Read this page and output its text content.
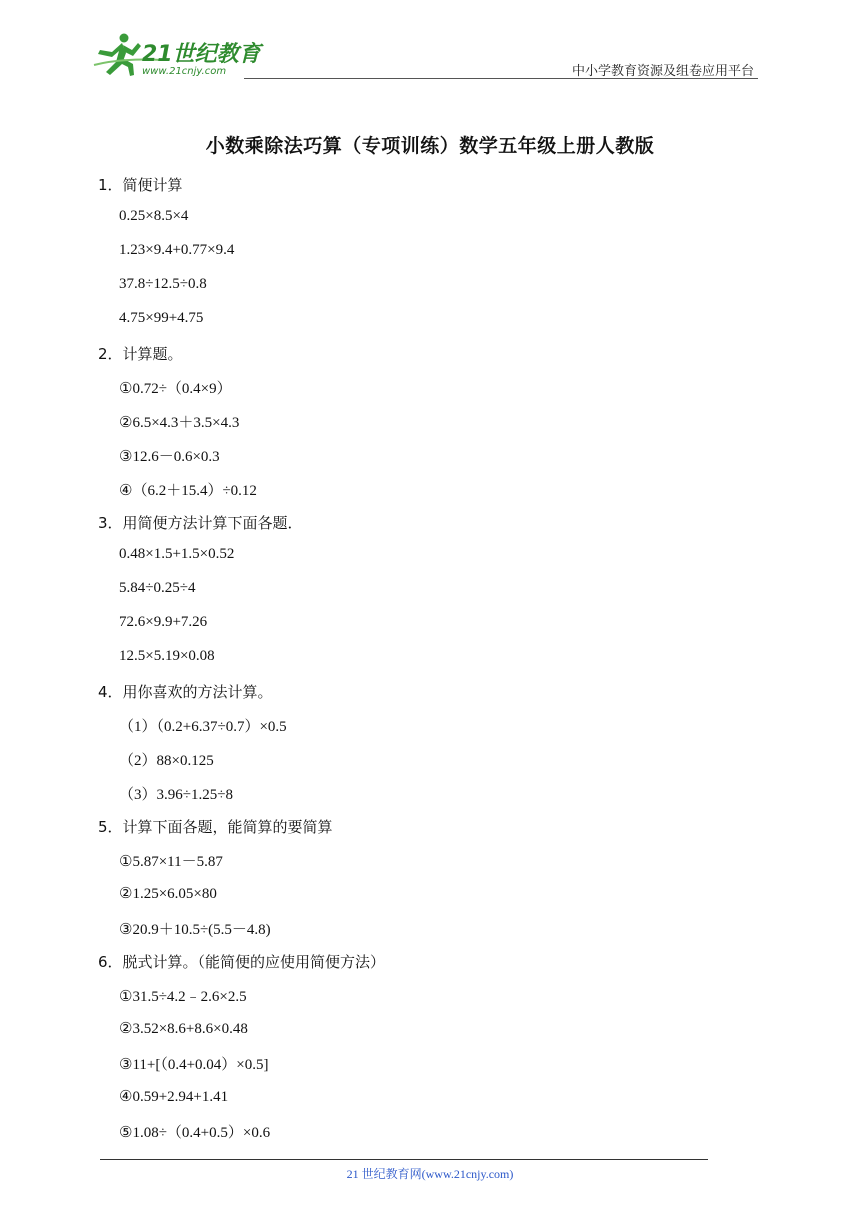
21世纪教育
www.21cnjy.com	中小学教育资源及组卷应用平台
小数乘除法巧算（专项训练）数学五年级上册人教版
1．简便计算
0.25×8.5×4
1.23×9.4+0.77×9.4
37.8÷12.5÷0.8
4.75×99+4.75
2．计算题。
①0.72÷（0.4×9）
②6.5×4.3＋3.5×4.3
③12.6－0.6×0.3
④（6.2＋15.4）÷0.12
3．用简便方法计算下面各题．
0.48×1.5+1.5×0.52
5.84÷0.25÷4
72.6×9.9+7.26
12.5×5.19×0.08
4．用你喜欢的方法计算。
（1）（0.2+6.37÷0.7）×0.5
（2）88×0.125
（3）3.96÷1.25÷8
5．计算下面各题，能简算的要简算
①5.87×11－5.87
②1.25×6.05×80
③20.9＋10.5÷(5.5－4.8)
6．脱式计算。（能简便的应使用简便方法）
①31.5÷4.2﹣2.6×2.5
②3.52×8.6+8.6×0.48
③11+[（0.4+0.04）×0.5]
④0.59+2.94+1.41
⑤1.08÷（0.4+0.5）×0.6
21 世纪教育网(www.21cnjy.com)
